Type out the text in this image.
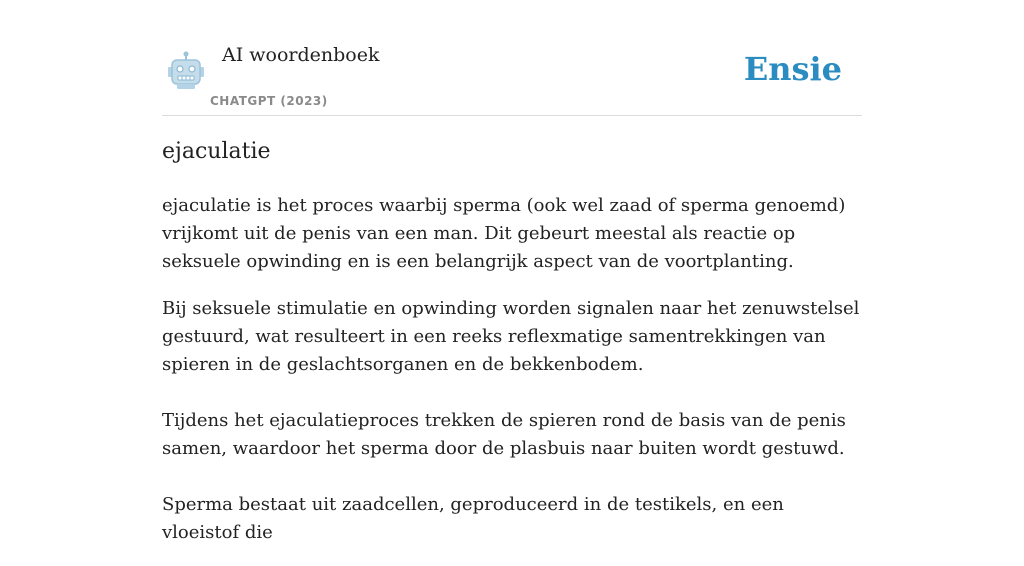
AI woordenboek
CHATGPT (2023)
Ensie
ejaculatie

ejaculatie is het proces waarbij sperma (ook wel zaad of sperma genoemd) vrijkomt uit de penis van een man. Dit gebeurt meestal als reactie op seksuele opwinding en is een belangrijk aspect van de voortplanting.

Bij seksuele stimulatie en opwinding worden signalen naar het zenuwstelsel gestuurd, wat resulteert in een reeks reflexmatige samentrekkingen van spieren in de geslachtsorganen en de bekkenbodem.

Tijdens het ejaculatieproces trekken de spieren rond de basis van de penis samen, waardoor het sperma door de plasbuis naar buiten wordt gestuwd.

Sperma bestaat uit zaadcellen, geproduceerd in de testikels, en een vloeistof die
